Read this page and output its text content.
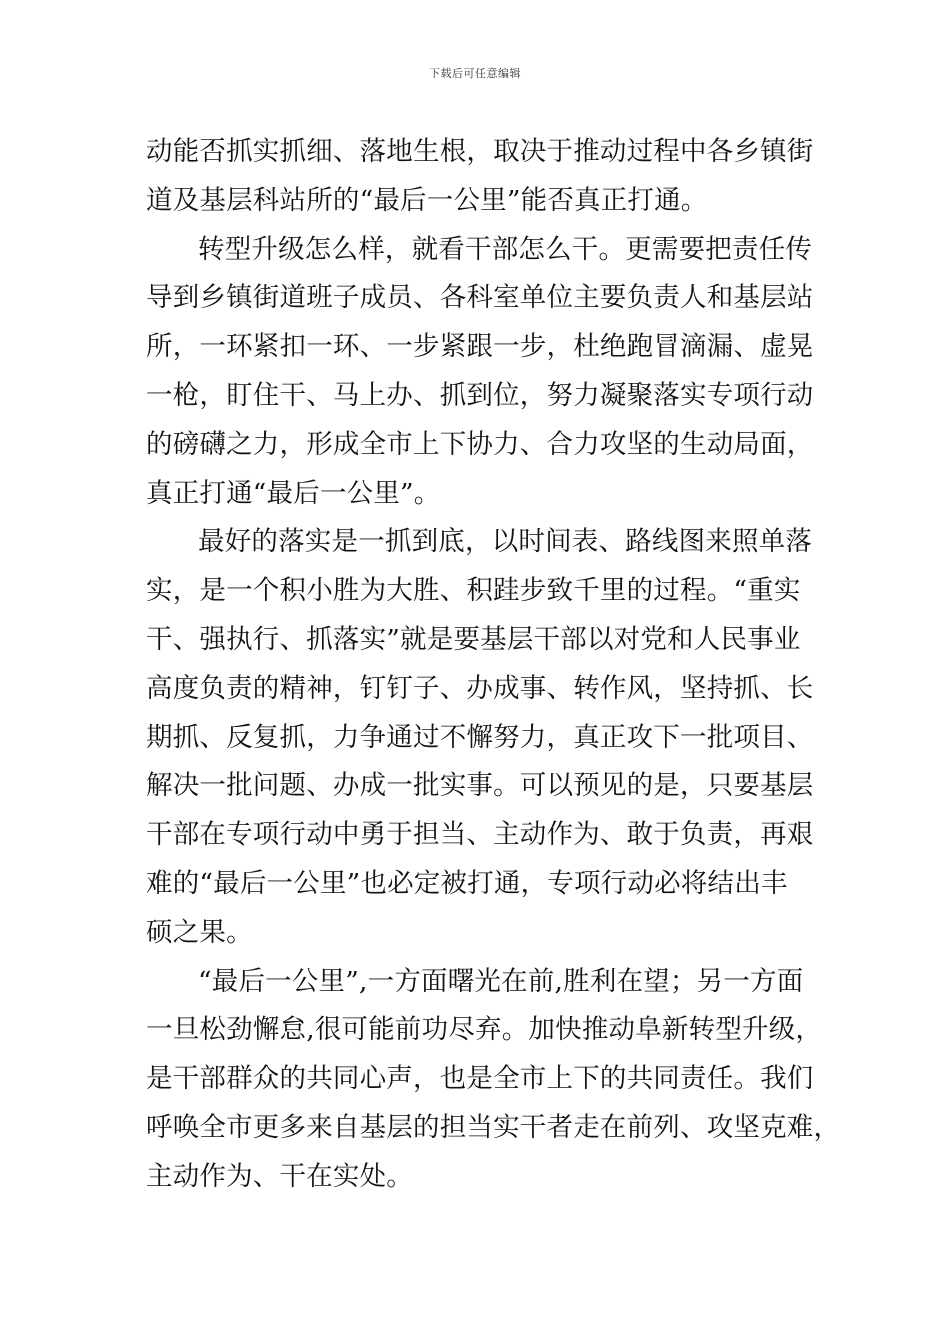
下载后可任意编辑
动能否抓实抓细、落地生根，取决于推动过程中各乡镇街
道及基层科站所的“最后一公里”能否真正打通。
转型升级怎么样，就看干部怎么干。更需要把责任传
导到乡镇街道班子成员、各科室单位主要负责人和基层站
所，一环紧扣一环、一步紧跟一步，杜绝跑冒滴漏、虚晃
一枪，盯住干、马上办、抓到位，努力凝聚落实专项行动
的磅礴之力，形成全市上下协力、合力攻坚的生动局面，
真正打通“最后一公里”。
最好的落实是一抓到底，以时间表、路线图来照单落
实，是一个积小胜为大胜、积跬步致千里的过程。“重实
干、强执行、抓落实”就是要基层干部以对党和人民事业
高度负责的精神，钉钉子、办成事、转作风，坚持抓、长
期抓、反复抓，力争通过不懈努力，真正攻下一批项目、
解决一批问题、办成一批实事。可以预见的是，只要基层
干部在专项行动中勇于担当、主动作为、敢于负责，再艰
难的“最后一公里”也必定被打通，专项行动必将结出丰
硕之果。
“最后一公里”,一方面曙光在前,胜利在望；另一方面
一旦松劲懈怠,很可能前功尽弃。加快推动阜新转型升级，
是干部群众的共同心声，也是全市上下的共同责任。我们
呼唤全市更多来自基层的担当实干者走在前列、攻坚克难，
主动作为、干在实处。
